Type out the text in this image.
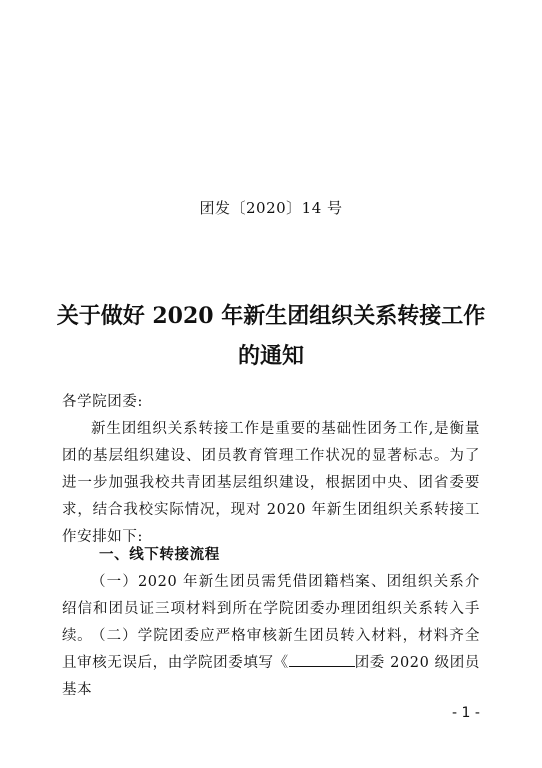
团发〔2020〕14 号
关于做好 2020 年新生团组织关系转接工作
的通知
各学院团委:
新生团组织关系转接工作是重要的基础性团务工作,是衡量团的基层组织建设、团员教育管理工作状况的显著标志。为了进一步加强我校共青团基层组织建设，根据团中央、团省委要求，结合我校实际情况，现对 2020 年新生团组织关系转接工作安排如下:
一、线下转接流程
（一）2020 年新生团员需凭借团籍档案、团组织关系介绍信和团员证三项材料到所在学院团委办理团组织关系转入手续。
（二）学院团委应严格审核新生团员转入材料，材料齐全且审核无误后，由学院团委填写《	团委 2020 级团员基本
- 1 -
